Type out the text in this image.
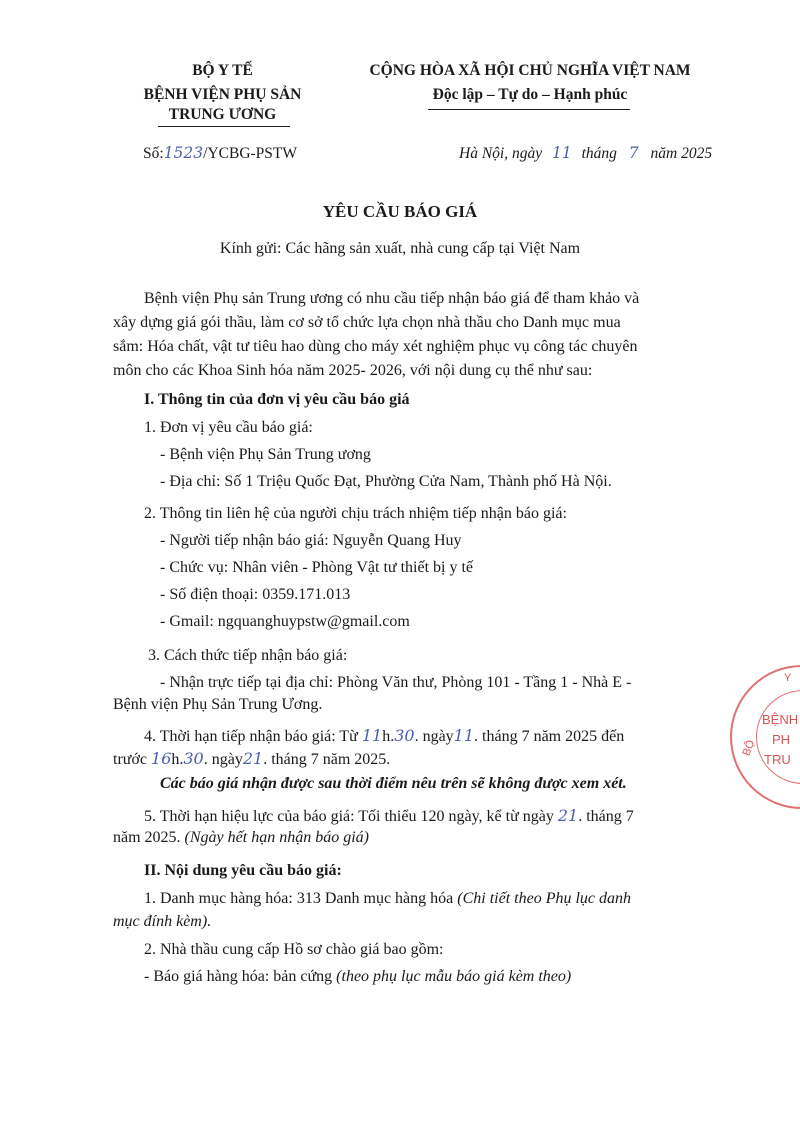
BỘ Y TẾ
BỆNH VIỆN PHỤ SẢN
TRUNG ƯƠNG
CỘNG HÒA XÃ HỘI CHỦ NGHĨA VIỆT NAM
Độc lập – Tự do – Hạnh phúc
Số:1523/YCBG-PSTW	Hà Nội, ngày 11 tháng 7 năm 2025
YÊU CẦU BÁO GIÁ
Kính gửi: Các hãng sản xuất, nhà cung cấp tại Việt Nam
Bệnh viện Phụ sản Trung ương có nhu cầu tiếp nhận báo giá để tham khảo và
xây dựng giá gói thầu, làm cơ sở tổ chức lựa chọn nhà thầu cho Danh mục mua
sắm: Hóa chất, vật tư tiêu hao dùng cho máy xét nghiệm phục vụ công tác chuyên
môn cho các Khoa Sinh hóa năm 2025- 2026, với nội dung cụ thể như sau:
I. Thông tin của đơn vị yêu cầu báo giá
1. Đơn vị yêu cầu báo giá:
- Bệnh viện Phụ Sản Trung ương
- Địa chỉ: Số 1 Triệu Quốc Đạt, Phường Cửa Nam, Thành phố Hà Nội.
2. Thông tin liên hệ của người chịu trách nhiệm tiếp nhận báo giá:
- Người tiếp nhận báo giá: Nguyễn Quang Huy
- Chức vụ: Nhân viên - Phòng Vật tư thiết bị y tế
- Số điện thoại: 0359.171.013
- Gmail: ngquanghuypstw@gmail.com
3. Cách thức tiếp nhận báo giá:
- Nhận trực tiếp tại địa chỉ: Phòng Văn thư, Phòng 101 - Tầng 1 - Nhà E -
Bệnh viện Phụ Sản Trung Ương.
4. Thời hạn tiếp nhận báo giá: Từ 11h.30. ngày11. tháng 7 năm 2025 đến
trước 16h.30. ngày21. tháng 7 năm 2025.
Các báo giá nhận được sau thời điểm nêu trên sẽ không được xem xét.
5. Thời hạn hiệu lực của báo giá: Tối thiểu 120 ngày, kể từ ngày 21. tháng 7
năm 2025. (Ngày hết hạn nhận báo giá)
II. Nội dung yêu cầu báo giá:
1. Danh mục hàng hóa: 313 Danh mục hàng hóa (Chi tiết theo Phụ lục danh
mục đính kèm).
2. Nhà thầu cung cấp Hồ sơ chào giá bao gồm:
- Báo giá hàng hóa: bản cứng (theo phụ lục mẫu báo giá kèm theo)
BỆNH
PH
TRU
BỘ
Y
